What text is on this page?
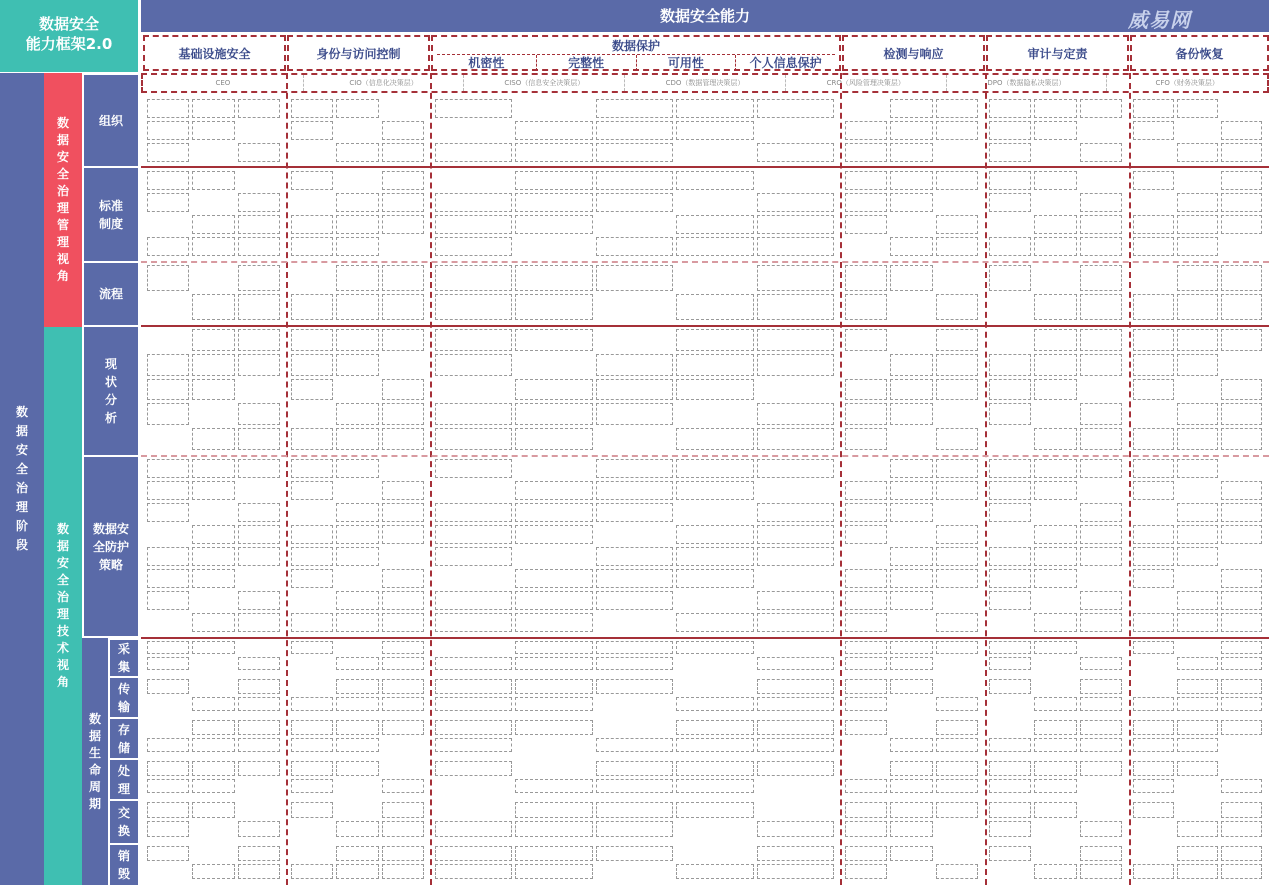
数据安全
能力框架2.0
数据安全能力	威易网
基础设施安全	身份与访问控制
数据保护
机密性	完整性	可用性	个人信息保护
检测与响应	审计与定责	备份恢复
CEO	CIO（信息化决策层）	CISO（信息安全决策层）	CDO（数据管理决策层）	CRO（风险管理决策层）	DPO（数据隐私决策层）	CFO（财务决策层）
数据安全治理阶段
数据安全治理管理视角
数据安全治理技术视角
数据生命周期
组织
标准制度
流程
现状分析
数据安全防护策略
采集
传输
存储
处理
交换
销毁
